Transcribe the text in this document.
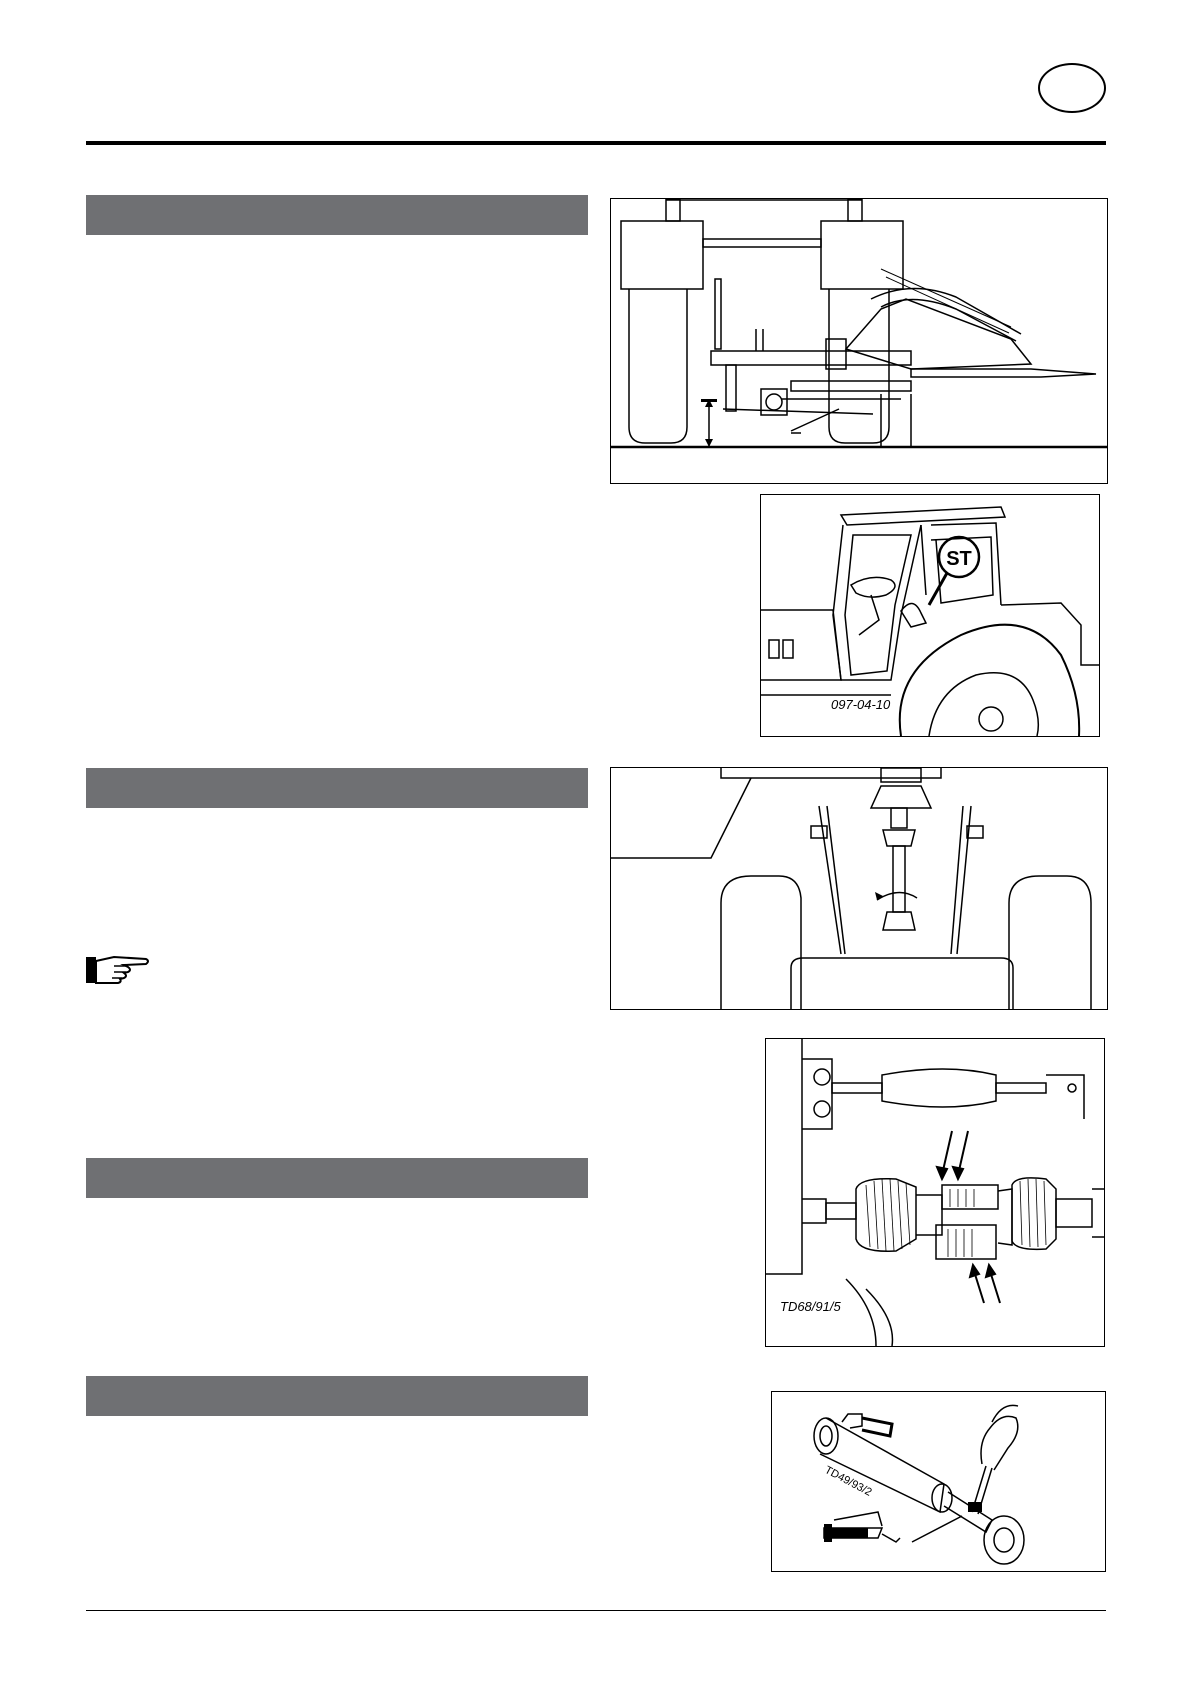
ST
097-04-10
TD68/91/5
TD49/93/2
